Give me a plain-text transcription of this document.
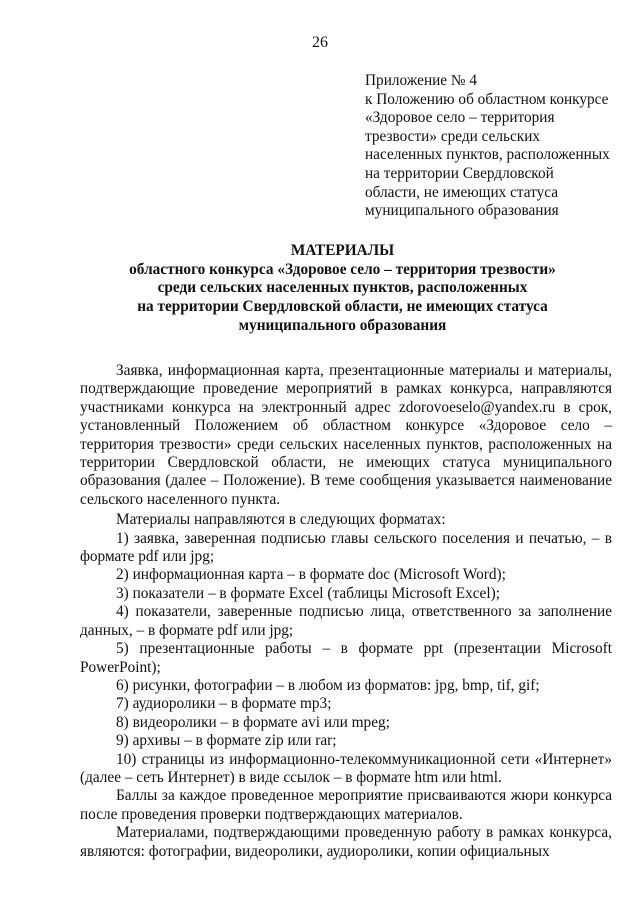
26
Приложение № 4
к Положению об областном конкурсе
«Здоровое село – территория
трезвости» среди сельских
населенных пунктов, расположенных
на территории Свердловской
области, не имеющих статуса
муниципального образования
МАТЕРИАЛЫ
областного конкурса «Здоровое село – территория трезвости»
среди сельских населенных пунктов, расположенных
на территории Свердловской области, не имеющих статуса
муниципального образования

Заявка, информационная карта, презентационные материалы и материалы, подтверждающие проведение мероприятий в рамках конкурса, направляются участниками конкурса на электронный адрес zdorovoeselo@yandex.ru в срок, установленный Положением об областном конкурсе «Здоровое село – территория трезвости» среди сельских населенных пунктов, расположенных на территории Свердловской области, не имеющих статуса муниципального образования (далее – Положение). В теме сообщения указывается наименование сельского населенного пункта.

Материалы направляются в следующих форматах:

1) заявка, заверенная подписью главы сельского поселения и печатью, – в формате pdf или jpg;

2) информационная карта – в формате doc (Microsoft Word);

3) показатели – в формате Excel (таблицы Microsoft Excel);

4) показатели, заверенные подписью лица, ответственного за заполнение данных, – в формате pdf или jpg;

5) презентационные работы – в формате ppt (презентации Microsoft PowerPoint);

6) рисунки, фотографии – в любом из форматов: jpg, bmp, tif, gif;

7) аудиоролики – в формате mp3;

8) видеоролики – в формате avi или mpeg;

9) архивы – в формате zip или rar;

10) страницы из информационно-телекоммуникационной сети «Интернет» (далее – сеть Интернет) в виде ссылок – в формате htm или html.

Баллы за каждое проведенное мероприятие присваиваются жюри конкурса после проведения проверки подтверждающих материалов.

Материалами, подтверждающими проведенную работу в рамках конкурса, являются: фотографии, видеоролики, аудиоролики, копии официальных
